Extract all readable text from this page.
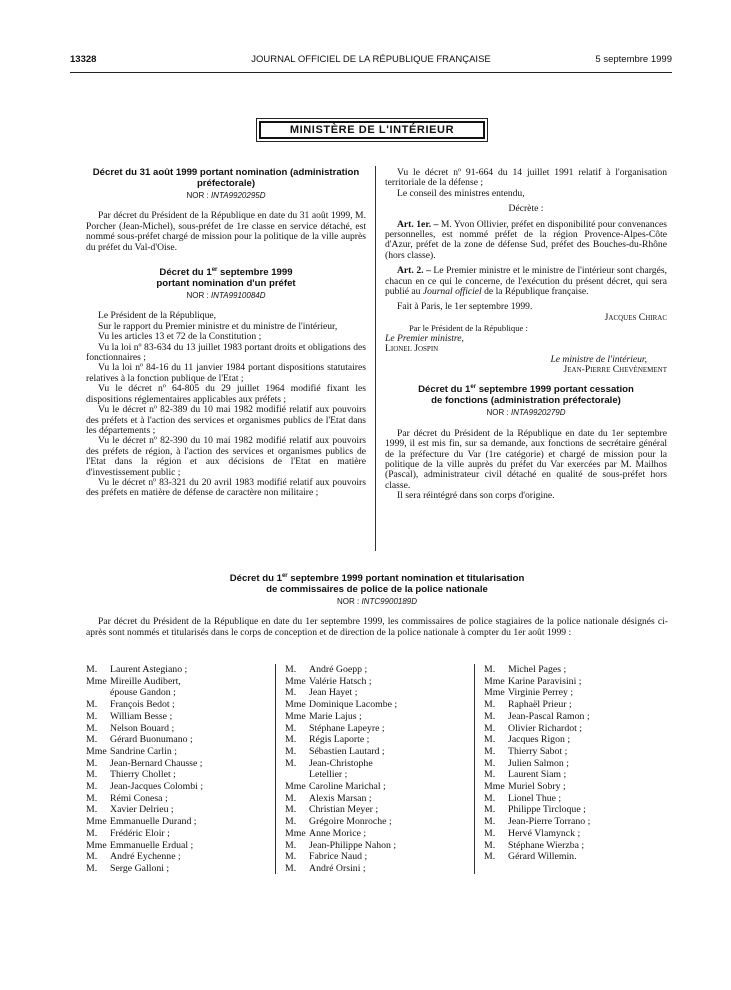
13328	JOURNAL OFFICIEL DE LA RÉPUBLIQUE FRANÇAISE	5 septembre 1999
MINISTÈRE DE L'INTÉRIEUR
Décret du 31 août 1999 portant nomination (administration préfectorale)
NOR : INTA9920295D

Par décret du Président de la République en date du 31 août 1999, M. Porcher (Jean-Michel), sous-préfet de 1re classe en service détaché, est nommé sous-préfet chargé de mission pour la politique de la ville auprès du préfet du Val-d'Oise.

Décret du 1er septembre 1999
portant nomination d'un préfet
NOR : INTA9910084D

Le Président de la République,

Sur le rapport du Premier ministre et du ministre de l'intérieur,

Vu les articles 13 et 72 de la Constitution ;

Vu la loi nº 83-634 du 13 juillet 1983 portant droits et obligations des fonctionnaires ;

Vu la loi nº 84-16 du 11 janvier 1984 portant dispositions statutaires relatives à la fonction publique de l'Etat ;

Vu le décret nº 64-805 du 29 juillet 1964 modifié fixant les dispositions réglementaires applicables aux préfets ;

Vu le décret nº 82-389 du 10 mai 1982 modifié relatif aux pouvoirs des préfets et à l'action des services et organismes publics de l'Etat dans les départements ;

Vu le décret nº 82-390 du 10 mai 1982 modifié relatif aux pouvoirs des préfets de région, à l'action des services et organismes publics de l'Etat dans la région et aux décisions de l'Etat en matière d'investissement public ;

Vu le décret nº 83-321 du 20 avril 1983 modifié relatif aux pouvoirs des préfets en matière de défense de caractère non militaire ;

Vu le décret nº 91-664 du 14 juillet 1991 relatif à l'organisation territoriale de la défense ;

Le conseil des ministres entendu,

Décrète :

Art. 1er. – M. Yvon Ollivier, préfet en disponibilité pour convenances personnelles, est nommé préfet de la région Provence-Alpes-Côte d'Azur, préfet de la zone de défense Sud, préfet des Bouches-du-Rhône (hors classe).

Art. 2. – Le Premier ministre et le ministre de l'intérieur sont chargés, chacun en ce qui le concerne, de l'exécution du présent décret, qui sera publié au Journal officiel de la République française.

Fait à Paris, le 1er septembre 1999.

Jacques Chirac

Par le Président de la République :

Le Premier ministre,

Lionel Jospin

Le ministre de l'intérieur,

Jean-Pierre Chevènement

Décret du 1er septembre 1999 portant cessation
de fonctions (administration préfectorale)
NOR : INTA9920279D

Par décret du Président de la République en date du 1er septembre 1999, il est mis fin, sur sa demande, aux fonctions de secrétaire général de la préfecture du Var (1re catégorie) et chargé de mission pour la politique de la ville auprès du préfet du Var exercées par M. Mailhos (Pascal), administrateur civil détaché en qualité de sous-préfet hors classe.

Il sera réintégré dans son corps d'origine.

Décret du 1er septembre 1999 portant nomination et titularisation
de commissaires de police de la police nationale
NOR : INTC9900189D

Par décret du Président de la République en date du 1er septembre 1999, les commissaires de police stagiaires de la police nationale désignés ci-après sont nommés et titularisés dans le corps de conception et de direction de la police nationale à compter du 1er août 1999 :

M.	Laurent Astegiano ;
Mme Mireille Audibert,
épouse Gandon ;
M.	François Bedot ;
M.	William Besse ;
M.	Nelson Bouard ;
M.	Gérard Buonumano ;
Mme Sandrine Carlin ;
M.	Jean-Bernard Chausse ;
M.	Thierry Chollet ;
M.	Jean-Jacques Colombi ;
M.	Rémi Conesa ;
M.	Xavier Delrieu ;
Mme Emmanuelle Durand ;
M.	Frédéric Eloir ;
Mme Emmanuelle Erdual ;
M.	André Eychenne ;
M.	Serge Galloni ;
M.	André Goepp ;
Mme Valérie Hatsch ;
M.	Jean Hayet ;
Mme Dominique Lacombe ;
Mme Marie Lajus ;
M.	Stéphane Lapeyre ;
M.	Régis Laporte ;
M.	Sébastien Lautard ;
M.	Jean-Christophe
Letellier ;
Mme Caroline Marichal ;
M.	Alexis Marsan ;
M.	Christian Meyer ;
M.	Grégoire Monroche ;
Mme Anne Morice ;
M.	Jean-Philippe Nahon ;
M.	Fabrice Naud ;
M.	André Orsini ;
M.	Michel Pages ;
Mme Karine Paravisini ;
Mme Virginie Perrey ;
M.	Raphaël Prieur ;
M.	Jean-Pascal Ramon ;
M.	Olivier Richardot ;
M.	Jacques Rigon ;
M.	Thierry Sabot ;
M.	Julien Salmon ;
M.	Laurent Siam ;
Mme Muriel Sobry ;
M.	Lionel Thue ;
M.	Philippe Tircloque ;
M.	Jean-Pierre Torrano ;
M.	Hervé Vlamynck ;
M.	Stéphane Wierzba ;
M.	Gérard Willemin.
